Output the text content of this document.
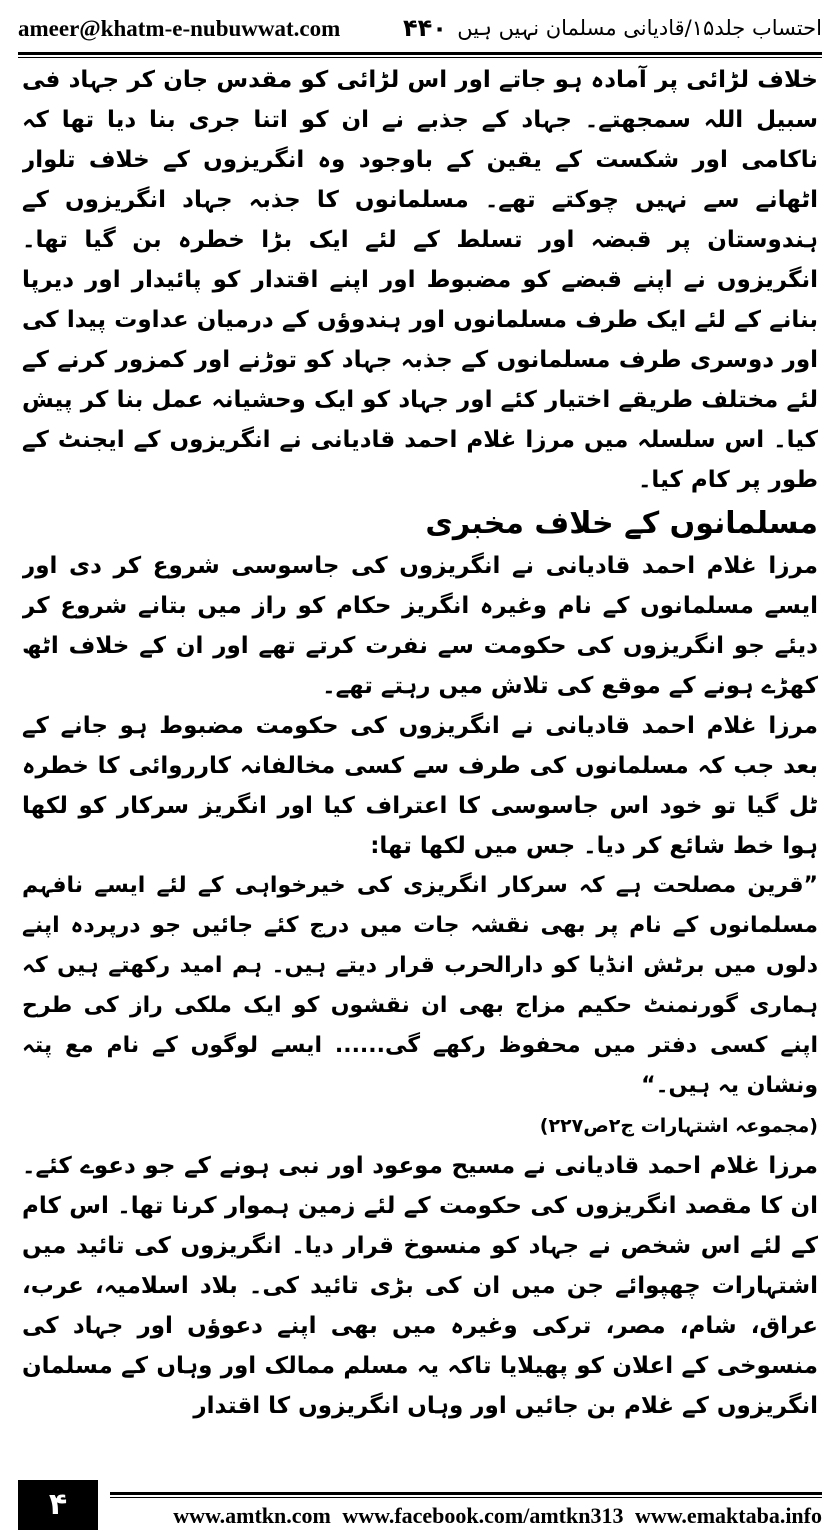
ameer@khatm-e-nubuwwat.com	۴۴۰ احتساب جلد۱۵/قادیانی مسلمان نہیں ہیں

خلاف لڑائی پر آمادہ ہو جاتے اور اس لڑائی کو مقدس جان کر جہاد فی سبیل اللہ سمجھتے۔ جہاد کے جذبے نے ان کو اتنا جری بنا دیا تھا کہ ناکامی اور شکست کے یقین کے باوجود وہ انگریزوں کے خلاف تلوار اٹھانے سے نہیں چوکتے تھے۔ مسلمانوں کا جذبہ جہاد انگریزوں کے ہندوستان پر قبضہ اور تسلط کے لئے ایک بڑا خطرہ بن گیا تھا۔ انگریزوں نے اپنے قبضے کو مضبوط اور اپنے اقتدار کو پائیدار اور دیرپا بنانے کے لئے ایک طرف مسلمانوں اور ہندوؤں کے درمیان عداوت پیدا کی اور دوسری طرف مسلمانوں کے جذبہ جہاد کو توڑنے اور کمزور کرنے کے لئے مختلف طریقے اختیار کئے اور جہاد کو ایک وحشیانہ عمل بنا کر پیش کیا۔ اس سلسلہ میں مرزا غلام احمد قادیانی نے انگریزوں کے ایجنٹ کے طور پر کام کیا۔

مسلمانوں کے خلاف مخبری

مرزا غلام احمد قادیانی نے انگریزوں کی جاسوسی شروع کر دی اور ایسے مسلمانوں کے نام وغیرہ انگریز حکام کو راز میں بتانے شروع کر دیئے جو انگریزوں کی حکومت سے نفرت کرتے تھے اور ان کے خلاف اٹھ کھڑے ہونے کے موقع کی تلاش میں رہتے تھے۔

مرزا غلام احمد قادیانی نے انگریزوں کی حکومت مضبوط ہو جانے کے بعد جب کہ مسلمانوں کی طرف سے کسی مخالفانہ کارروائی کا خطرہ ٹل گیا تو خود اس جاسوسی کا اعتراف کیا اور انگریز سرکار کو لکھا ہوا خط شائع کر دیا۔ جس میں لکھا تھا:

”قرین مصلحت ہے کہ سرکار انگریزی کی خیرخواہی کے لئے ایسے نافہم مسلمانوں کے نام پر بھی نقشہ جات میں درج کئے جائیں جو درپردہ اپنے دلوں میں برٹش انڈیا کو دارالحرب قرار دیتے ہیں۔ ہم امید رکھتے ہیں کہ ہماری گورنمنٹ حکیم مزاج بھی ان نقشوں کو ایک ملکی راز کی طرح اپنے کسی دفتر میں محفوظ رکھے گی...... ایسے لوگوں کے نام مع پتہ ونشان یہ ہیں۔“

(مجموعہ اشتہارات ج۲ص۲۲۷)

مرزا غلام احمد قادیانی نے مسیح موعود اور نبی ہونے کے جو دعوے کئے۔ ان کا مقصد انگریزوں کی حکومت کے لئے زمین ہموار کرنا تھا۔ اس کام کے لئے اس شخص نے جہاد کو منسوخ قرار دیا۔ انگریزوں کی تائید میں اشتہارات چھپوائے جن میں ان کی بڑی تائید کی۔ بلاد اسلامیہ، عرب، عراق، شام، مصر، ترکی وغیرہ میں بھی اپنے دعوؤں اور جہاد کی منسوخی کے اعلان کو پھیلایا تاکہ یہ مسلم ممالک اور وہاں کے مسلمان انگریزوں کے غلام بن جائیں اور وہاں انگریزوں کا اقتدار

۴	www.amtkn.com www.facebook.com/amtkn313 www.emaktaba.info
